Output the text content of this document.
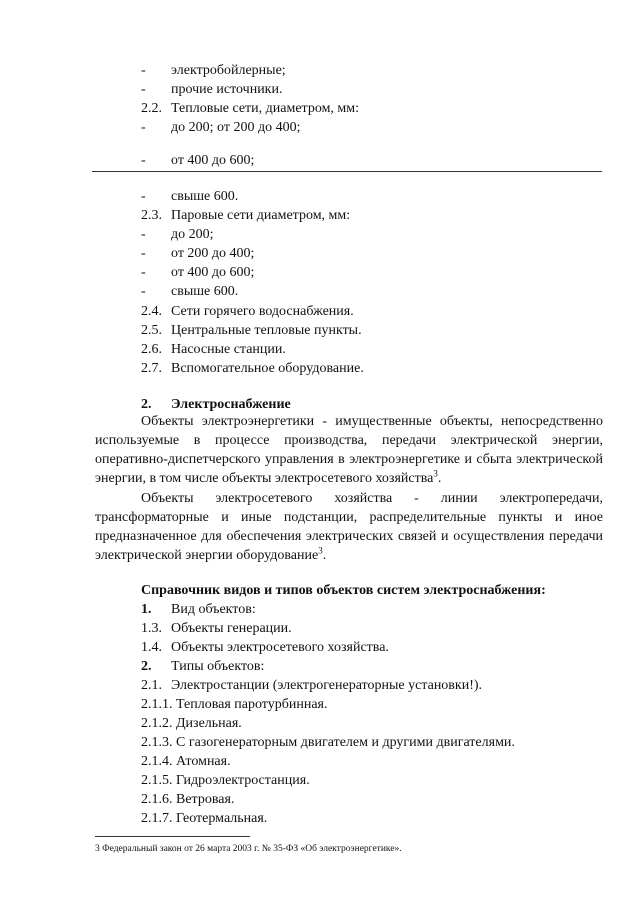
- электробойлерные;
- прочие источники.
2.2. Тепловые сети, диаметром, мм:
- до 200; от 200 до 400;
- от 400 до 600;
- свыше 600.
2.3. Паровые сети диаметром, мм:
- до 200;
- от 200 до 400;
- от 400 до 600;
- свыше 600.
2.4. Сети горячего водоснабжения.
2.5. Центральные тепловые пункты.
2.6. Насосные станции.
2.7. Вспомогательное оборудование.
2. Электроснабжение
Объекты электроэнергетики - имущественные объекты, непосредственно используемые в процессе производства, передачи электрической энергии, оперативно-диспетчерского управления в электроэнергетике и сбыта электрической энергии, в том числе объекты электросетевого хозяйства$^3$.
Объекты электросетевого хозяйства - линии электропередачи, трансформаторные и иные подстанции, распределительные пункты и иное предназначенное для обеспечения электрических связей и осуществления передачи электрической энергии оборудование$^3$.
Справочник видов и типов объектов систем электроснабжения:
1. Вид объектов:
1.3. Объекты генерации.
1.4. Объекты электросетевого хозяйства.
2. Типы объектов:
2.1. Электростанции (электрогенераторные установки!).
2.1.1. Тепловая паротурбинная.
2.1.2. Дизельная.
2.1.3. С газогенераторным двигателем и другими двигателями.
2.1.4. Атомная.
2.1.5. Гидроэлектростанция.
2.1.6. Ветровая.
2.1.7. Геотермальная.
3 Федеральный закон от 26 марта 2003 г. № 35-ФЗ «Об электроэнергетике».
